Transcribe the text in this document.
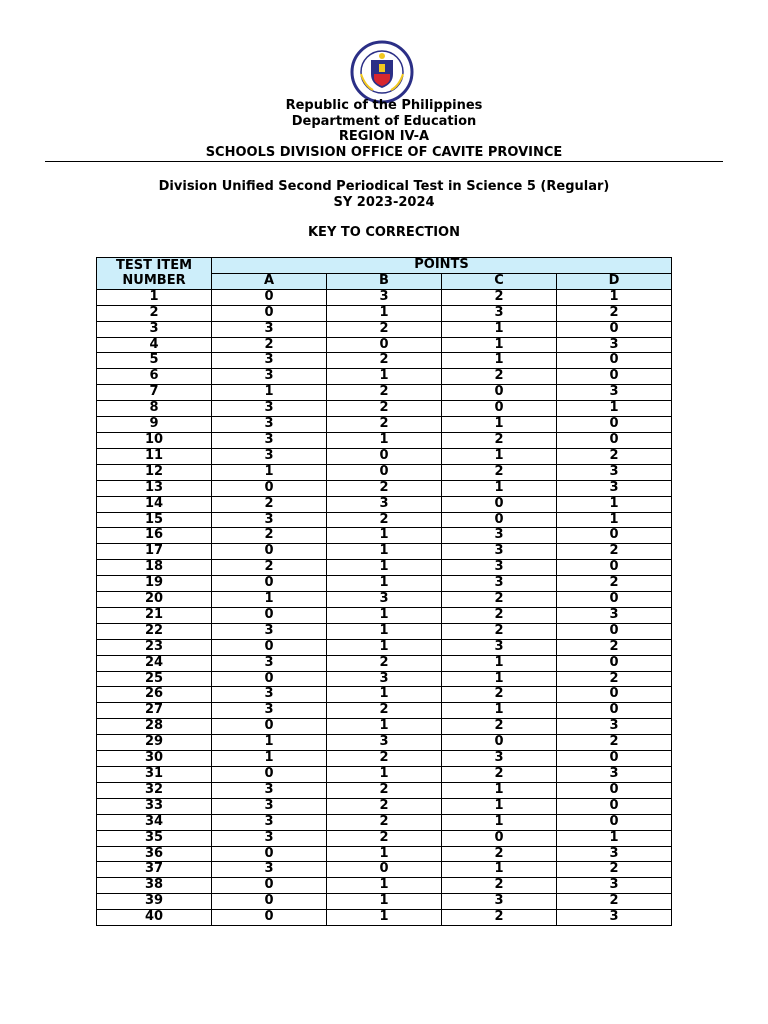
Republic of the Philippines
Department of Education
REGION IV-A
SCHOOLS DIVISION OFFICE OF CAVITE PROVINCE
Division Unified Second Periodical Test in Science 5 (Regular)
SY 2023-2024
KEY TO CORRECTION
TEST ITEM
NUMBER	POINTS			
	A	B	C	D
1	0	3	2	1
2	0	1	3	2
3	3	2	1	0
4	2	0	1	3
5	3	2	1	0
6	3	1	2	0
7	1	2	0	3
8	3	2	0	1
9	3	2	1	0
10	3	1	2	0
11	3	0	1	2
12	1	0	2	3
13	0	2	1	3
14	2	3	0	1
15	3	2	0	1
16	2	1	3	0
17	0	1	3	2
18	2	1	3	0
19	0	1	3	2
20	1	3	2	0
21	0	1	2	3
22	3	1	2	0
23	0	1	3	2
24	3	2	1	0
25	0	3	1	2
26	3	1	2	0
27	3	2	1	0
28	0	1	2	3
29	1	3	0	2
30	1	2	3	0
31	0	1	2	3
32	3	2	1	0
33	3	2	1	0
34	3	2	1	0
35	3	2	0	1
36	0	1	2	3
37	3	0	1	2
38	0	1	2	3
39	0	1	3	2
40	0	1	2	3
